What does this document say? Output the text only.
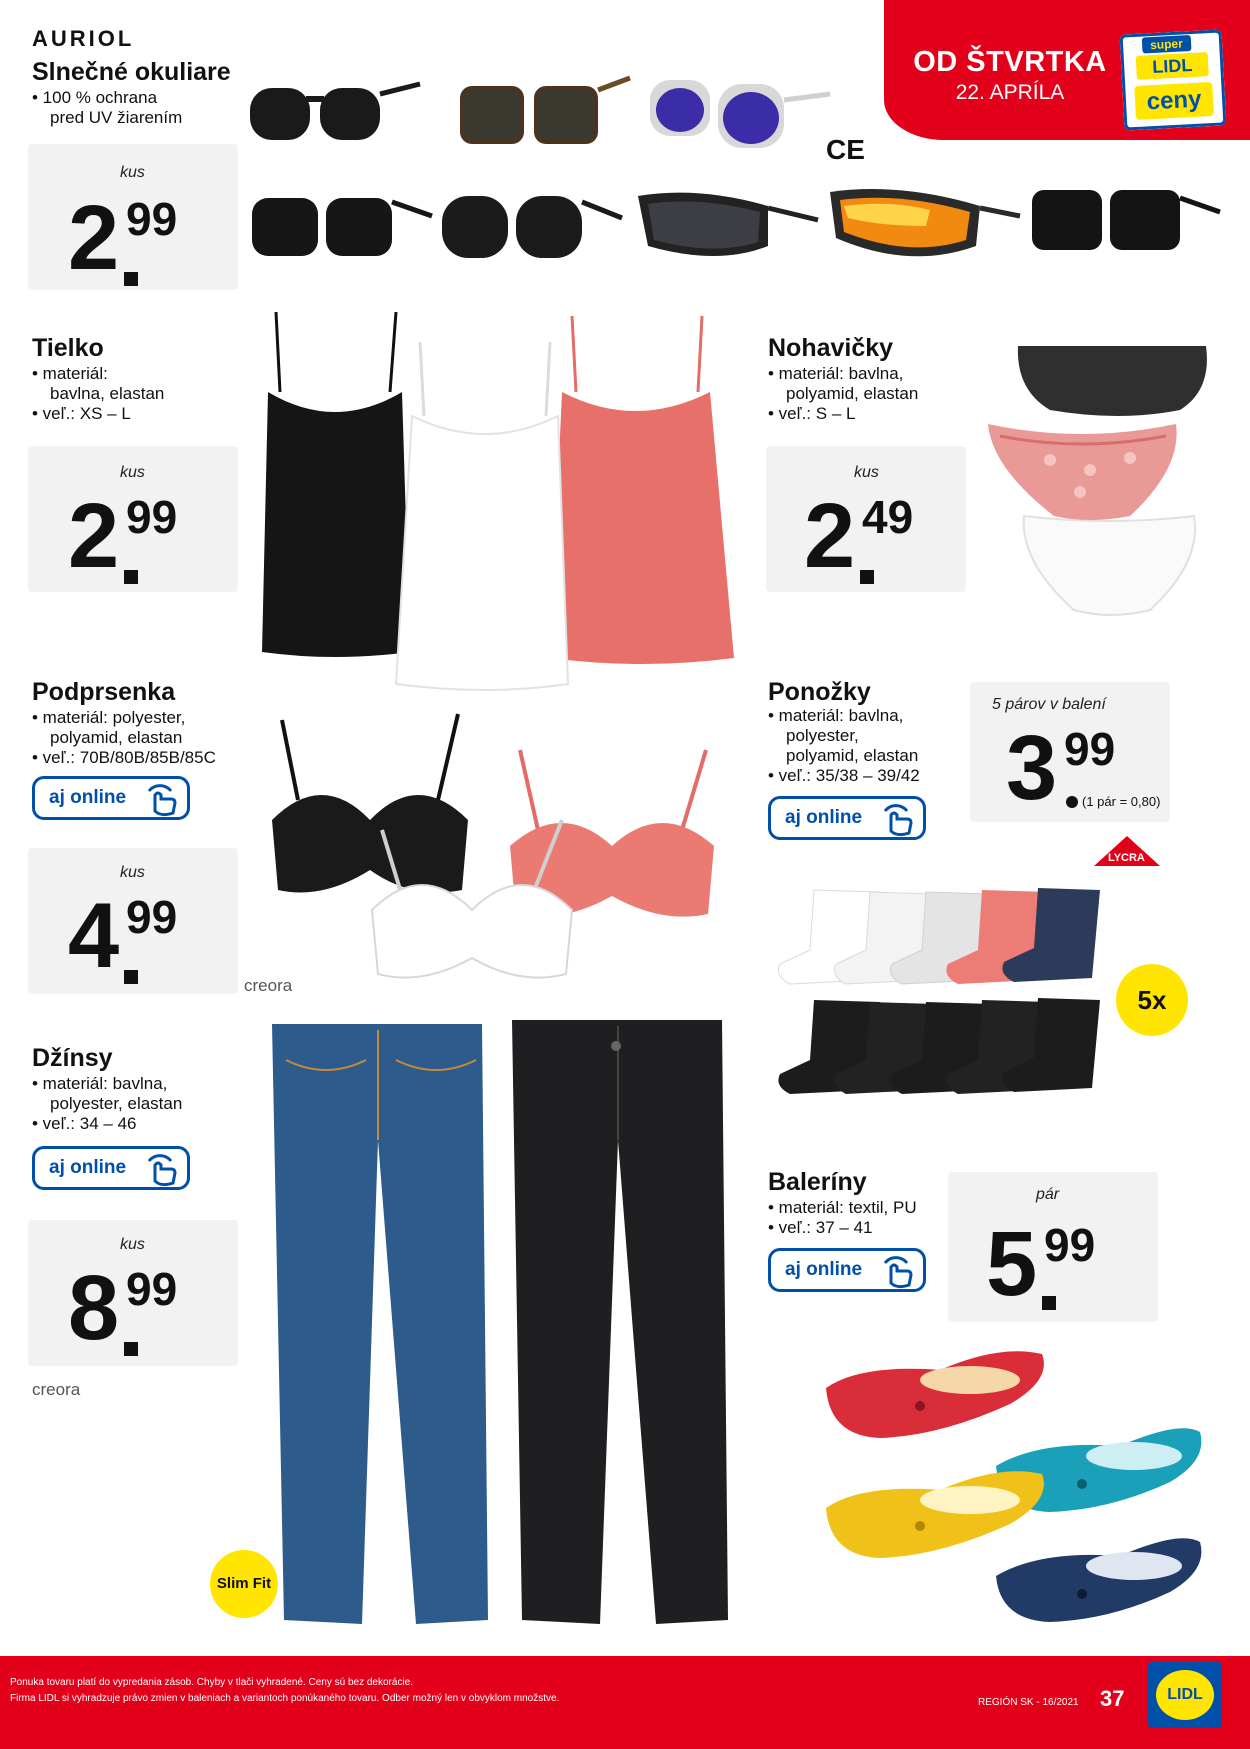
OD ŠTVRTKA
22. APRÍLA
super
LIDL
ceny
AURIOL
Slnečné okuliare
• 100 % ochrana
pred UV žiarením
kus
2 99
CE
Tielko
• materiál:
bavlna, elastan
• veľ.: XS – L
kus
2 99
Nohavičky
• materiál: bavlna,
polyamid, elastan
• veľ.: S – L
kus
2 49
Podprsenka
• materiál: polyester,
polyamid, elastan
• veľ.: 70B/80B/85B/85C
aj online
kus
4 99
creora
Ponožky
• materiál: bavlna,
polyester,
polyamid, elastan
• veľ.: 35/38 – 39/42
aj online
5 párov v balení
3 99
(1 pár = 0,80)
LYCRA
5x
Džínsy
• materiál: bavlna,
polyester, elastan
• veľ.: 34 – 46
aj online
kus
8 99
creora
Slim Fit
Baleríny
• materiál: textil, PU
• veľ.: 37 – 41
aj online
pár
5 99
Ponuka tovaru platí do vypredania zásob. Chyby v tlači vyhradené. Ceny sú bez dekorácie.
Firma LIDL si vyhradzuje právo zmien v baleniach a variantoch ponúkaného tovaru. Odber možný len v obvyklom množstve.	REGIÓN SK - 16/2021 37	LIDL
